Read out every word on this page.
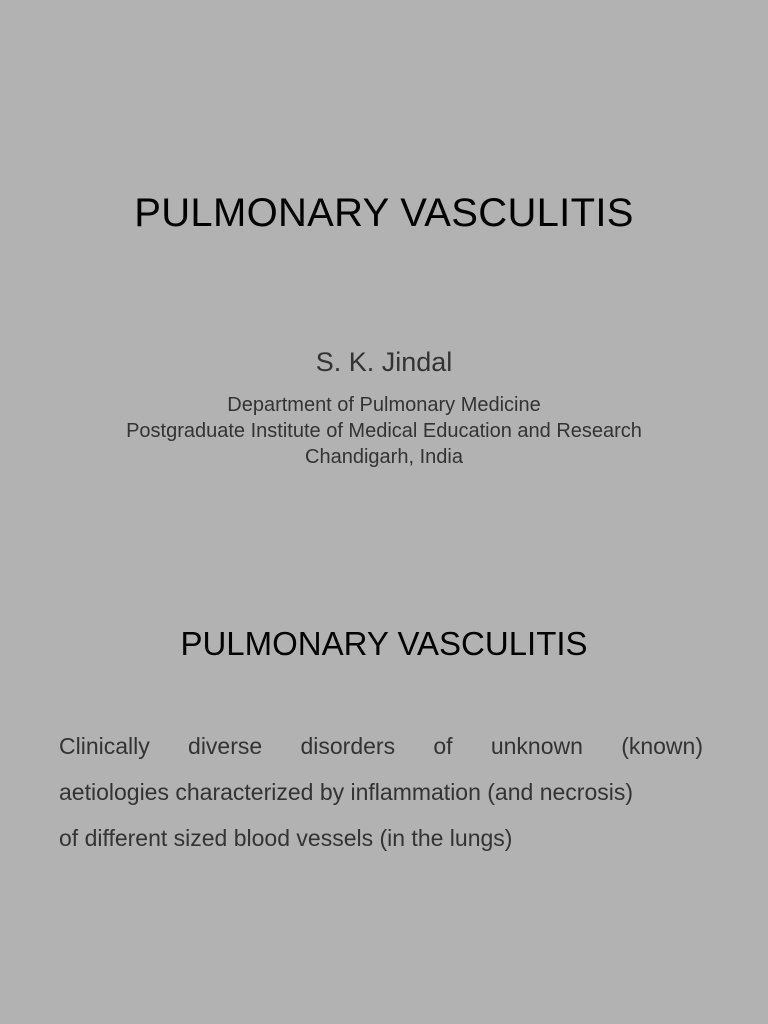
PULMONARY VASCULITIS
S. K. Jindal
Department of Pulmonary Medicine
Postgraduate Institute of Medical Education and Research
Chandigarh, India
PULMONARY VASCULITIS
Clinically diverse disorders of unknown (known)
aetiologies characterized by inflammation (and necrosis)
of different sized blood vessels (in the lungs)
